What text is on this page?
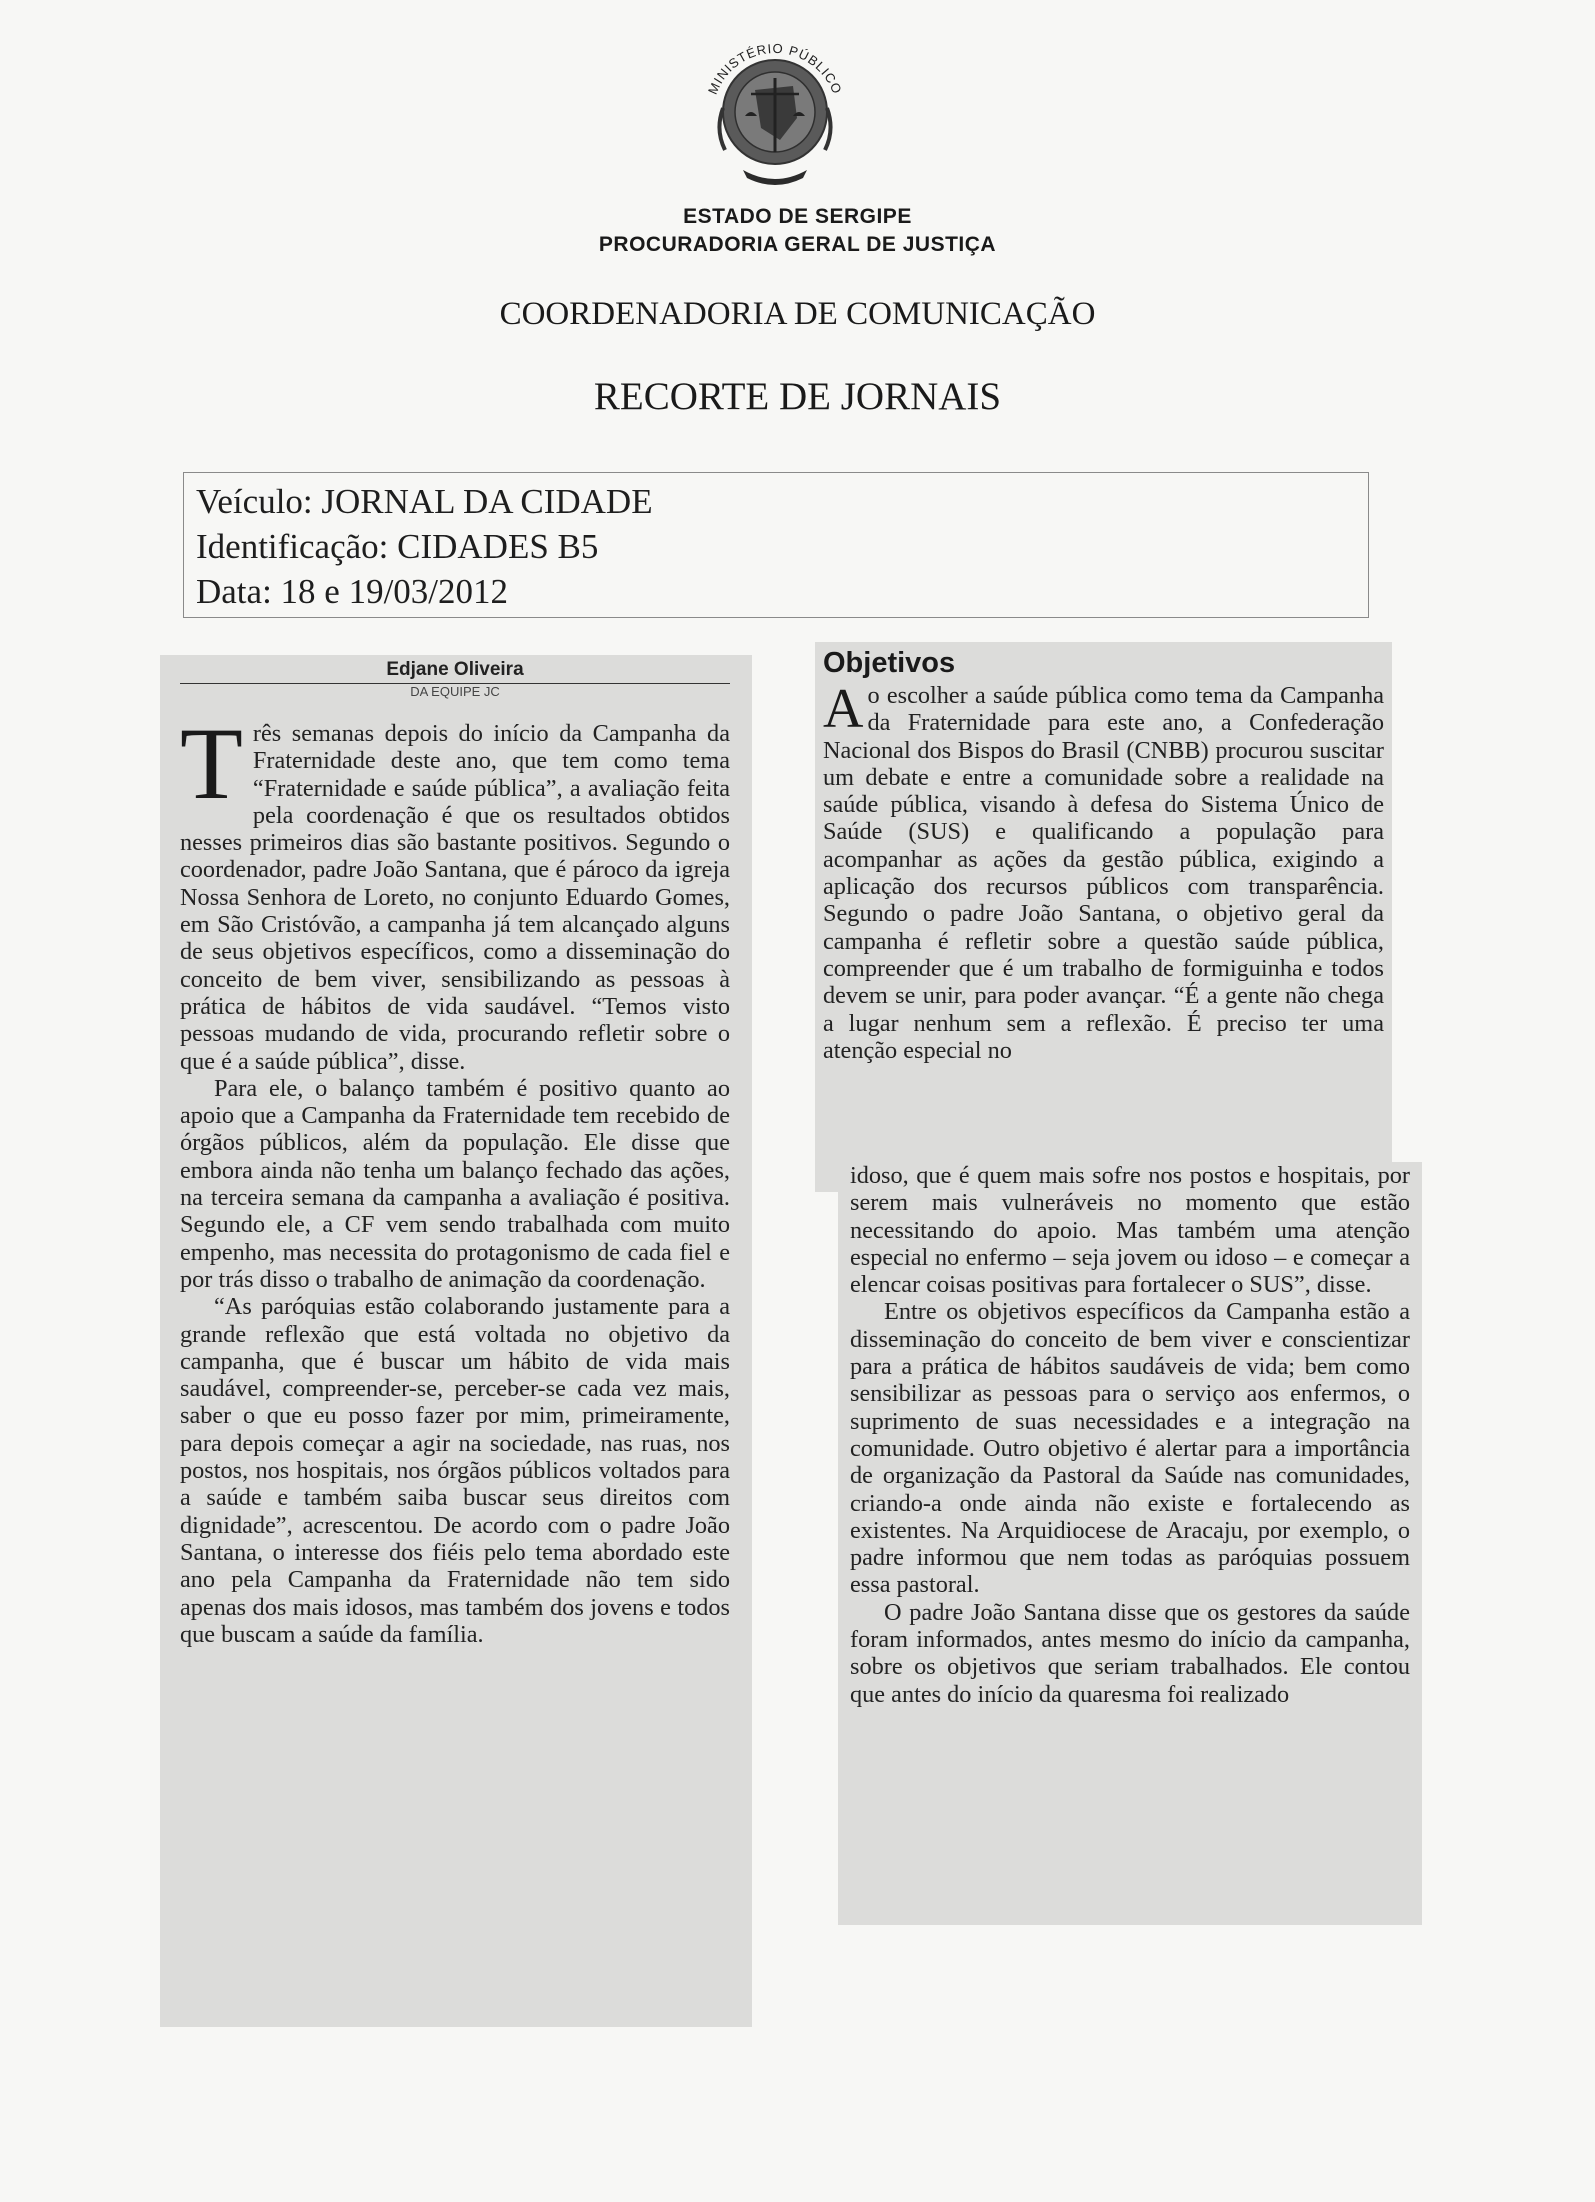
MINISTÉRIO PÚBLICO
ESTADO DE SERGIPE
PROCURADORIA GERAL DE JUSTIÇA
COORDENADORIA DE COMUNICAÇÃO
RECORTE DE JORNAIS
Veículo: JORNAL DA CIDADE
Identificação: CIDADES B5
Data: 18 e 19/03/2012
Edjane Oliveira
DA EQUIPE JC

Três semanas depois do início da Campanha da Fraternidade deste ano, que tem como tema “Fraternidade e saúde pública”, a avaliação feita pela coordenação é que os resultados obtidos nesses primeiros dias são bastante positivos. Segundo o coordenador, padre João Santana, que é pároco da igreja Nossa Senhora de Loreto, no conjunto Eduardo Gomes, em São Cristóvão, a campanha já tem alcançado alguns de seus objetivos específicos, como a disseminação do conceito de bem viver, sensibilizando as pessoas à prática de hábitos de vida saudável. “Temos visto pessoas mudando de vida, procurando refletir sobre o que é a saúde pública”, disse.

Para ele, o balanço também é positivo quanto ao apoio que a Campanha da Fraternidade tem recebido de órgãos públicos, além da população. Ele disse que embora ainda não tenha um balanço fechado das ações, na terceira semana da campanha a avaliação é positiva. Segundo ele, a CF vem sendo trabalhada com muito empenho, mas necessita do protagonismo de cada fiel e por trás disso o trabalho de animação da coordenação.

“As paróquias estão colaborando justamente para a grande reflexão que está voltada no objetivo da campanha, que é buscar um hábito de vida mais saudável, compreender-se, perceber-se cada vez mais, saber o que eu posso fazer por mim, primeiramente, para depois começar a agir na sociedade, nas ruas, nos postos, nos hospitais, nos órgãos públicos voltados para a saúde e também saiba buscar seus direitos com dignidade”, acrescentou. De acordo com o padre João Santana, o interesse dos fiéis pelo tema abordado este ano pela Campanha da Fraternidade não tem sido apenas dos mais idosos, mas também dos jovens e todos que buscam a saúde da família.

Objetivos

Ao escolher a saúde pública como tema da Campanha da Fraternidade para este ano, a Confederação Nacional dos Bispos do Brasil (CNBB) procurou suscitar um debate e entre a comunidade sobre a realidade na saúde pública, visando à defesa do Sistema Único de Saúde (SUS) e qualificando a população para acompanhar as ações da gestão pública, exigindo a aplicação dos recursos públicos com transparência. Segundo o padre João Santana, o objetivo geral da campanha é refletir sobre a questão saúde pública, compreender que é um trabalho de formiguinha e todos devem se unir, para poder avançar. “É a gente não chega a lugar nenhum sem a reflexão. É preciso ter uma atenção especial no

idoso, que é quem mais sofre nos postos e hospitais, por serem mais vulneráveis no momento que estão necessitando do apoio. Mas também uma atenção especial no enfermo – seja jovem ou idoso – e começar a elencar coisas positivas para fortalecer o SUS”, disse.

Entre os objetivos específicos da Campanha estão a disseminação do conceito de bem viver e conscientizar para a prática de hábitos saudáveis de vida; bem como sensibilizar as pessoas para o serviço aos enfermos, o suprimento de suas necessidades e a integração na comunidade. Outro objetivo é alertar para a importância de organização da Pastoral da Saúde nas comunidades, criando-a onde ainda não existe e fortalecendo as existentes. Na Arquidiocese de Aracaju, por exemplo, o padre informou que nem todas as paróquias possuem essa pastoral.

O padre João Santana disse que os gestores da saúde foram informados, antes mesmo do início da campanha, sobre os objetivos que seriam trabalhados. Ele contou que antes do início da quaresma foi realizado
